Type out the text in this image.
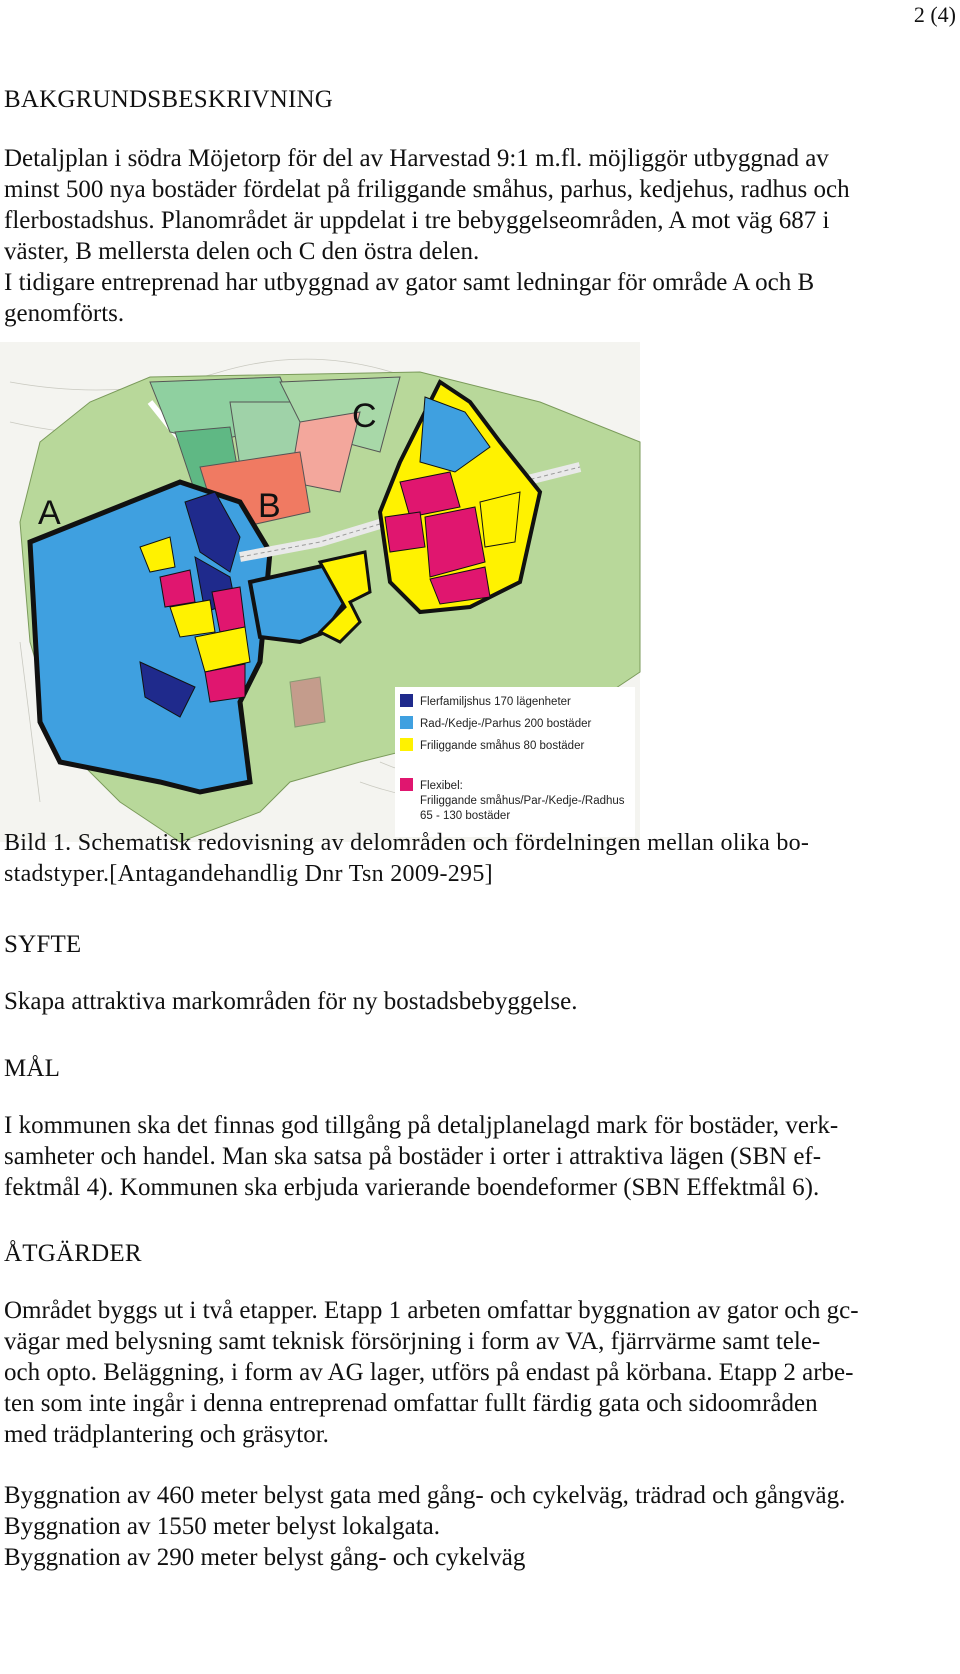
2 (4)
BAKGRUNDSBESKRIVNING
Detaljplan i södra Möjetorp för del av Harvestad 9:1 m.fl. möjliggör utbyggnad av
minst 500 nya bostäder fördelat på friliggande småhus, parhus, kedjehus, radhus och
flerbostadshus. Planområdet är uppdelat i tre bebyggelseområden, A mot väg 687 i
väster, B mellersta delen och C den östra delen.
I tidigare entreprenad har utbyggnad av gator samt ledningar för område A och B
genomförts.
A	B
C
Flerfamiljshus 170 lägenheter
Rad-/Kedje-/Parhus 200 bostäder
Friliggande småhus 80 bostäder
Flexibel:
Friliggande småhus/Par-/Kedje-/Radhus
65 - 130 bostäder
Bild 1. Schematisk redovisning av delområden och fördelningen mellan olika bo-
stadstyper.[Antagandehandlig Dnr Tsn 2009-295]
SYFTE
Skapa attraktiva markområden för ny bostadsbebyggelse.
MÅL
I kommunen ska det finnas god tillgång på detaljplanelagd mark för bostäder, verk-
samheter och handel. Man ska satsa på bostäder i orter i attraktiva lägen (SBN ef-
fektmål 4). Kommunen ska erbjuda varierande boendeformer (SBN Effektmål 6).
ÅTGÄRDER
Området byggs ut i två etapper. Etapp 1 arbeten omfattar byggnation av gator och gc-
vägar med belysning samt teknisk försörjning i form av VA, fjärrvärme samt tele-
och opto. Beläggning, i form av AG lager, utförs på endast på körbana. Etapp 2 arbe-
ten som inte ingår i denna entreprenad omfattar fullt färdig gata och sidoområden
med trädplantering och gräsytor.
Byggnation av 460 meter belyst gata med gång- och cykelväg, trädrad och gångväg.
Byggnation av 1550 meter belyst lokalgata.
Byggnation av 290 meter belyst gång- och cykelväg
